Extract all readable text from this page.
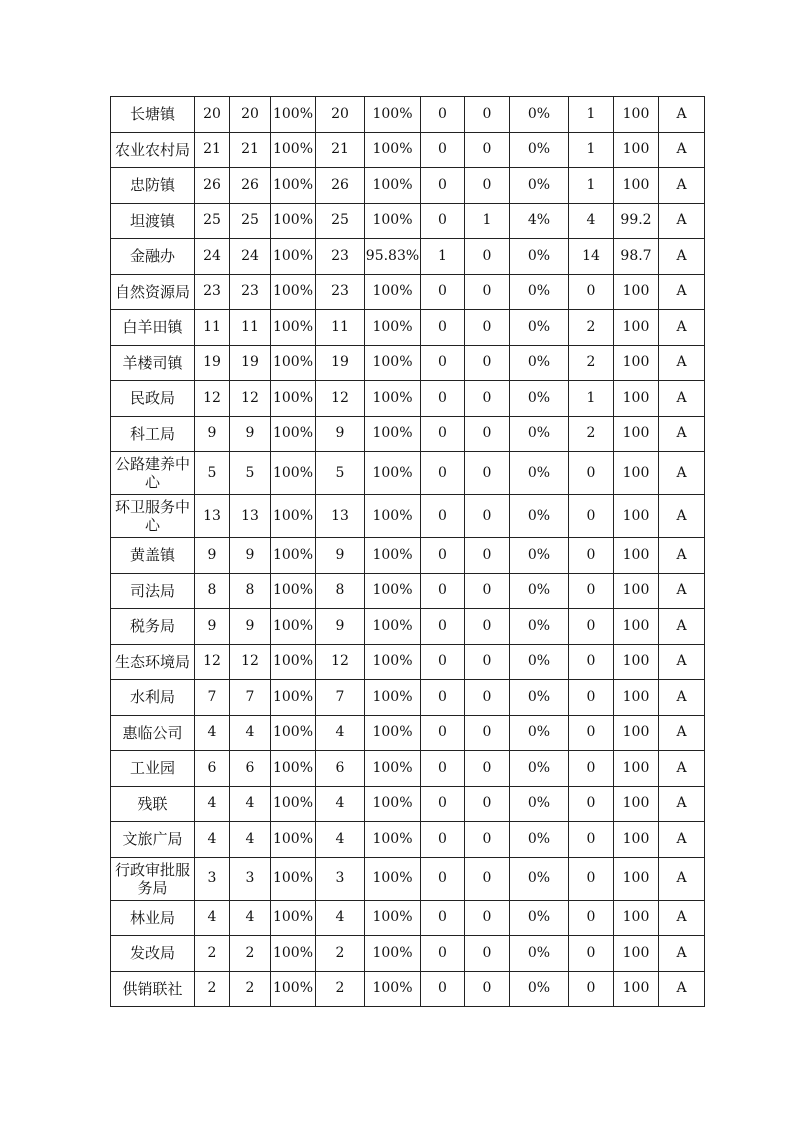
长塘镇	20	20	100%	20	100%	0	0	0%	1	100	A
农业农村局	21	21	100%	21	100%	0	0	0%	1	100	A
忠防镇	26	26	100%	26	100%	0	0	0%	1	100	A
坦渡镇	25	25	100%	25	100%	0	1	4%	4	99.2	A
金融办	24	24	100%	23	95.83%	1	0	0%	14	98.7	A
自然资源局	23	23	100%	23	100%	0	0	0%	0	100	A
白羊田镇	11	11	100%	11	100%	0	0	0%	2	100	A
羊楼司镇	19	19	100%	19	100%	0	0	0%	2	100	A
民政局	12	12	100%	12	100%	0	0	0%	1	100	A
科工局	9	9	100%	9	100%	0	0	0%	2	100	A
公路建养中心	5	5	100%	5	100%	0	0	0%	0	100	A
环卫服务中心	13	13	100%	13	100%	0	0	0%	0	100	A
黄盖镇	9	9	100%	9	100%	0	0	0%	0	100	A
司法局	8	8	100%	8	100%	0	0	0%	0	100	A
税务局	9	9	100%	9	100%	0	0	0%	0	100	A
生态环境局	12	12	100%	12	100%	0	0	0%	0	100	A
水利局	7	7	100%	7	100%	0	0	0%	0	100	A
惠临公司	4	4	100%	4	100%	0	0	0%	0	100	A
工业园	6	6	100%	6	100%	0	0	0%	0	100	A
残联	4	4	100%	4	100%	0	0	0%	0	100	A
文旅广局	4	4	100%	4	100%	0	0	0%	0	100	A
行政审批服务局	3	3	100%	3	100%	0	0	0%	0	100	A
林业局	4	4	100%	4	100%	0	0	0%	0	100	A
发改局	2	2	100%	2	100%	0	0	0%	0	100	A
供销联社	2	2	100%	2	100%	0	0	0%	0	100	A
